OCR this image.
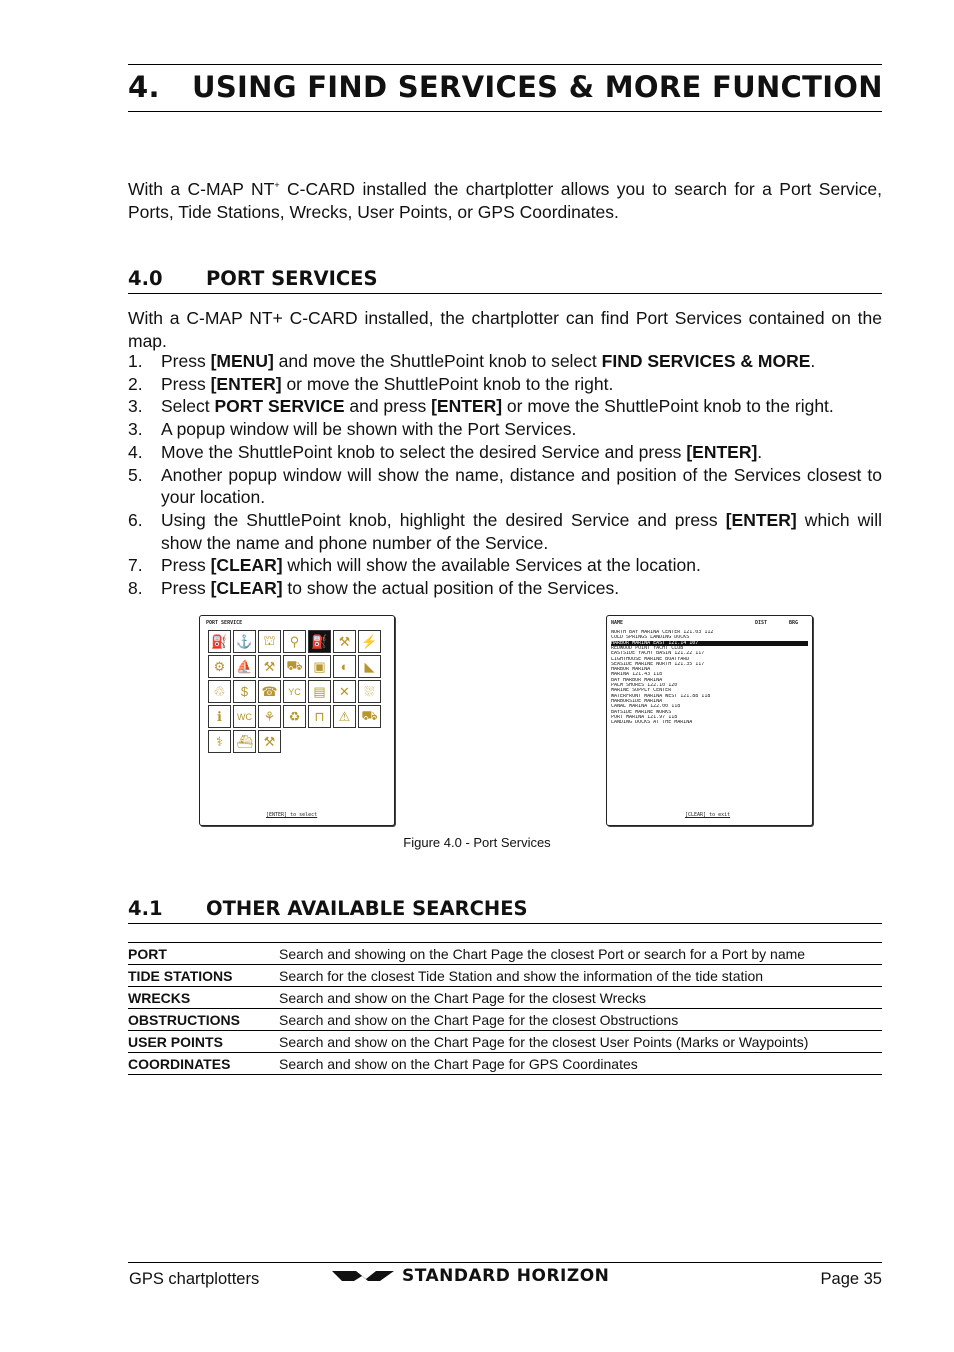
4. USING FIND SERVICES & MORE FUNCTION
With a C-MAP NT+ C-CARD installed the chartplotter allows you to search for a Port Service, Ports, Tide Stations, Wrecks, User Points, or GPS Coordinates.
4.0 PORT SERVICES
With a C-MAP NT+ C-CARD installed, the chartplotter can find Port Services contained on the map.
1. Press [MENU] and move the ShuttlePoint knob to select FIND SERVICES & MORE.
2. Press [ENTER] or move the ShuttlePoint knob to the right.
3. Select PORT SERVICE and press [ENTER] or move the ShuttlePoint knob to the right.
3. A popup window will be shown with the Port Services.
4. Move the ShuttlePoint knob to select the desired Service and press [ENTER].
5. Another popup window will show the name, distance and position of the Services closest to your location.
6. Using the ShuttlePoint knob, highlight the desired Service and press [ENTER] which will show the name and phone number of the Service.
7. Press [CLEAR] which will show the available Services at the location.
8. Press [CLEAR] to show the actual position of the Services.
PORT SERVICE
⛽ ⚓ ⛫	⚲ ⛽ ⚒ ⚡
⚙ ⛵ ⚒ ⛟ ▣	◐	◣
♲	$	☎	YC ▤	✕	⛆
ℹ	WC ⚘	♻	⊓	⚠ ⛟
⚕	⛴ ⚒
[ENTER] to select
NAME	DIST	BRG
NORTH BAY MARINA CENTER 121.03 112
COLD SPRINGS LANDING DOCKS
HARBOR MARINA EAST 121.14 107
REDWOOD POINT YACHT CLUB
EASTSIDE YACHT BASIN 121.22 117
LIGHTHOUSE MARINE BOATYARD
SEASIDE MARINE NORTH 121.35 117
HARBOR MARINA
MARINA 121.43 118
BAY HARBOR MARINA
PALM SHORES 122.10 120
MARINE SUPPLY CENTER
WATERFRONT MARINA WEST 121.88 118
HARBORSIDE MARINA
CANAL MARINA 122.00 118
BAYSIDE MARINE WORKS
PORT MARINA 121.97 118
LANDING DOCKS AT THE MARINA
[CLEAR] to exit
Figure 4.0 - Port Services
4.1 OTHER AVAILABLE SEARCHES
PORT	Search and showing on the Chart Page the closest Port or search for a Port by name
TIDE STATIONS	Search for the closest Tide Station and show the information of the tide station
WRECKS	Search and show on the Chart Page for the closest Wrecks
OBSTRUCTIONS	Search and show on the Chart Page for the closest Obstructions
USER POINTS	Search and show on the Chart Page for the closest User Points (Marks or Waypoints)
COORDINATES	Search and show on the Chart Page for GPS Coordinates
GPS chartplotters	STANDARD HORIZON	Page 35
